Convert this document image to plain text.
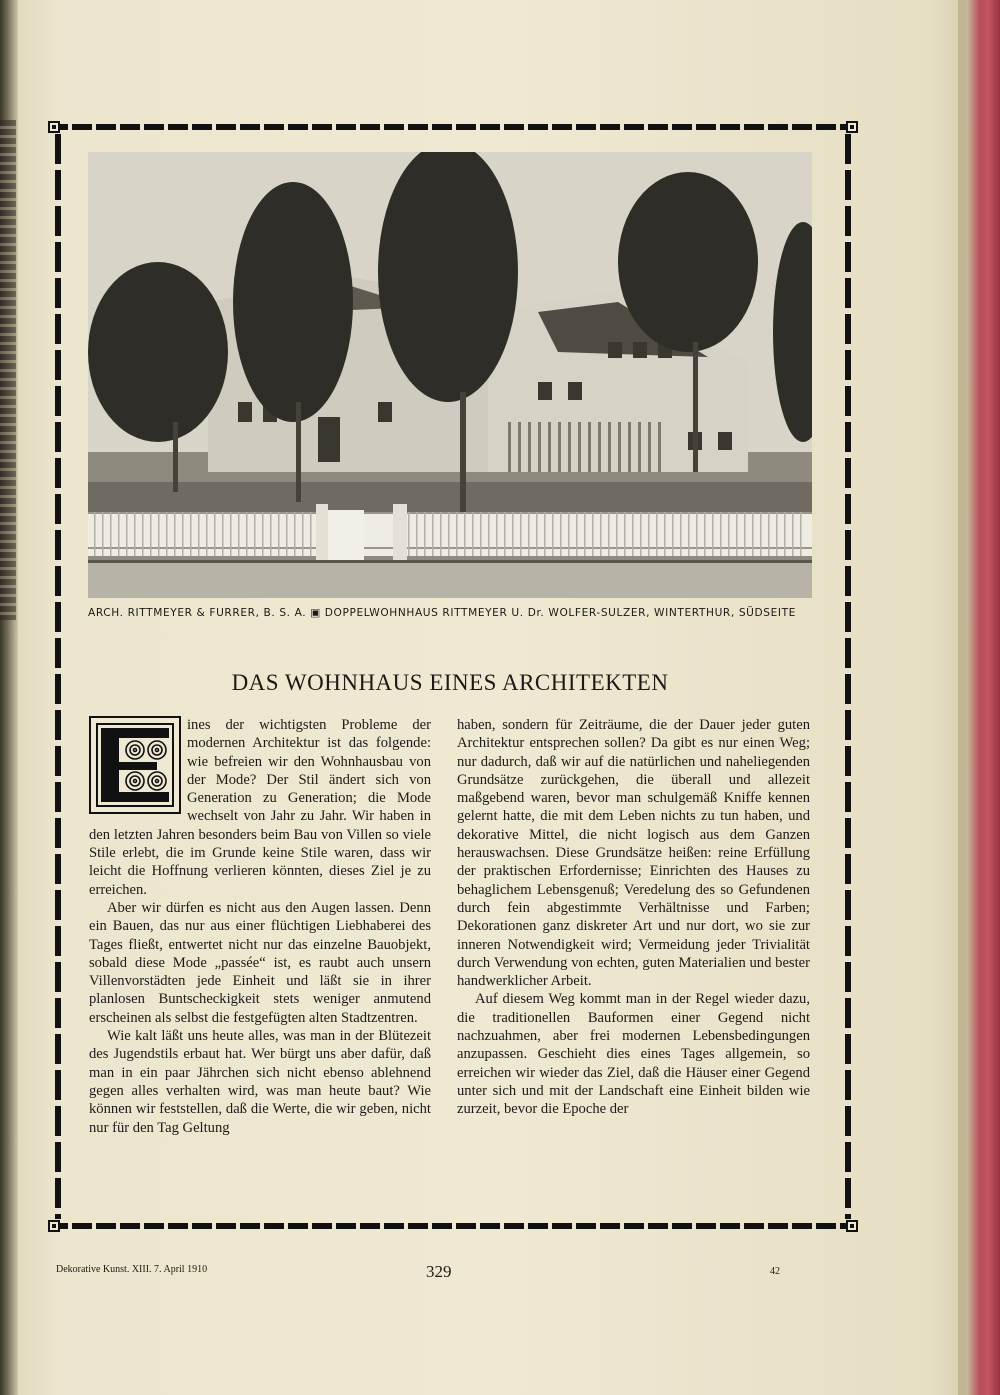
ARCH. RITTMEYER & FURRER, B. S. A. ▣ DOPPELWOHNHAUS RITTMEYER U. Dr. WOLFER-SULZER, WINTERTHUR, SÜDSEITE
DAS WOHNHAUS EINES ARCHITEKTEN

ines der wichtigsten Probleme der modernen Architektur ist das folgende: wie befreien wir den Wohnhausbau von der Mode? Der Stil ändert sich von Generation zu Generation; die Mode wechselt von Jahr zu Jahr. Wir haben in den letzten Jahren besonders beim Bau von Villen so viele Stile erlebt, die im Grunde keine Stile waren, dass wir leicht die Hoffnung verlieren könnten, dieses Ziel je zu erreichen.

Aber wir dürfen es nicht aus den Augen lassen. Denn ein Bauen, das nur aus einer flüchtigen Liebhaberei des Tages fließt, entwertet nicht nur das einzelne Bauobjekt, sobald diese Mode „passée“ ist, es raubt auch unsern Villenvorstädten jede Einheit und läßt sie in ihrer planlosen Buntscheckigkeit stets weniger anmutend erscheinen als selbst die festgefügten alten Stadtzentren.

Wie kalt läßt uns heute alles, was man in der Blütezeit des Jugendstils erbaut hat. Wer bürgt uns aber dafür, daß man in ein paar Jährchen sich nicht ebenso ablehnend gegen alles verhalten wird, was man heute baut? Wie können wir feststellen, daß die Werte, die wir geben, nicht nur für den Tag Geltung

haben, sondern für Zeiträume, die der Dauer jeder guten Architektur entsprechen sollen? Da gibt es nur einen Weg; nur dadurch, daß wir auf die natürlichen und naheliegenden Grundsätze zurückgehen, die überall und allezeit maßgebend waren, bevor man schulgemäß Kniffe kennen gelernt hatte, die mit dem Leben nichts zu tun haben, und dekorative Mittel, die nicht logisch aus dem Ganzen herauswachsen. Diese Grundsätze heißen: reine Erfüllung der praktischen Erfordernisse; Einrichten des Hauses zu behaglichem Lebensgenuß; Veredelung des so Gefundenen durch fein abgestimmte Verhältnisse und Farben; Dekorationen ganz diskreter Art und nur dort, wo sie zur inneren Notwendigkeit wird; Vermeidung jeder Trivialität durch Verwendung von echten, guten Materialien und bester handwerklicher Arbeit.

Auf diesem Weg kommt man in der Regel wieder dazu, die traditionellen Bauformen einer Gegend nicht nachzuahmen, aber frei modernen Lebensbedingungen anzupassen. Geschieht dies eines Tages allgemein, so erreichen wir wieder das Ziel, daß die Häuser einer Gegend unter sich und mit der Landschaft eine Einheit bilden wie zurzeit, bevor die Epoche der

Dekorative Kunst. XIII. 7. April 1910	329	42
